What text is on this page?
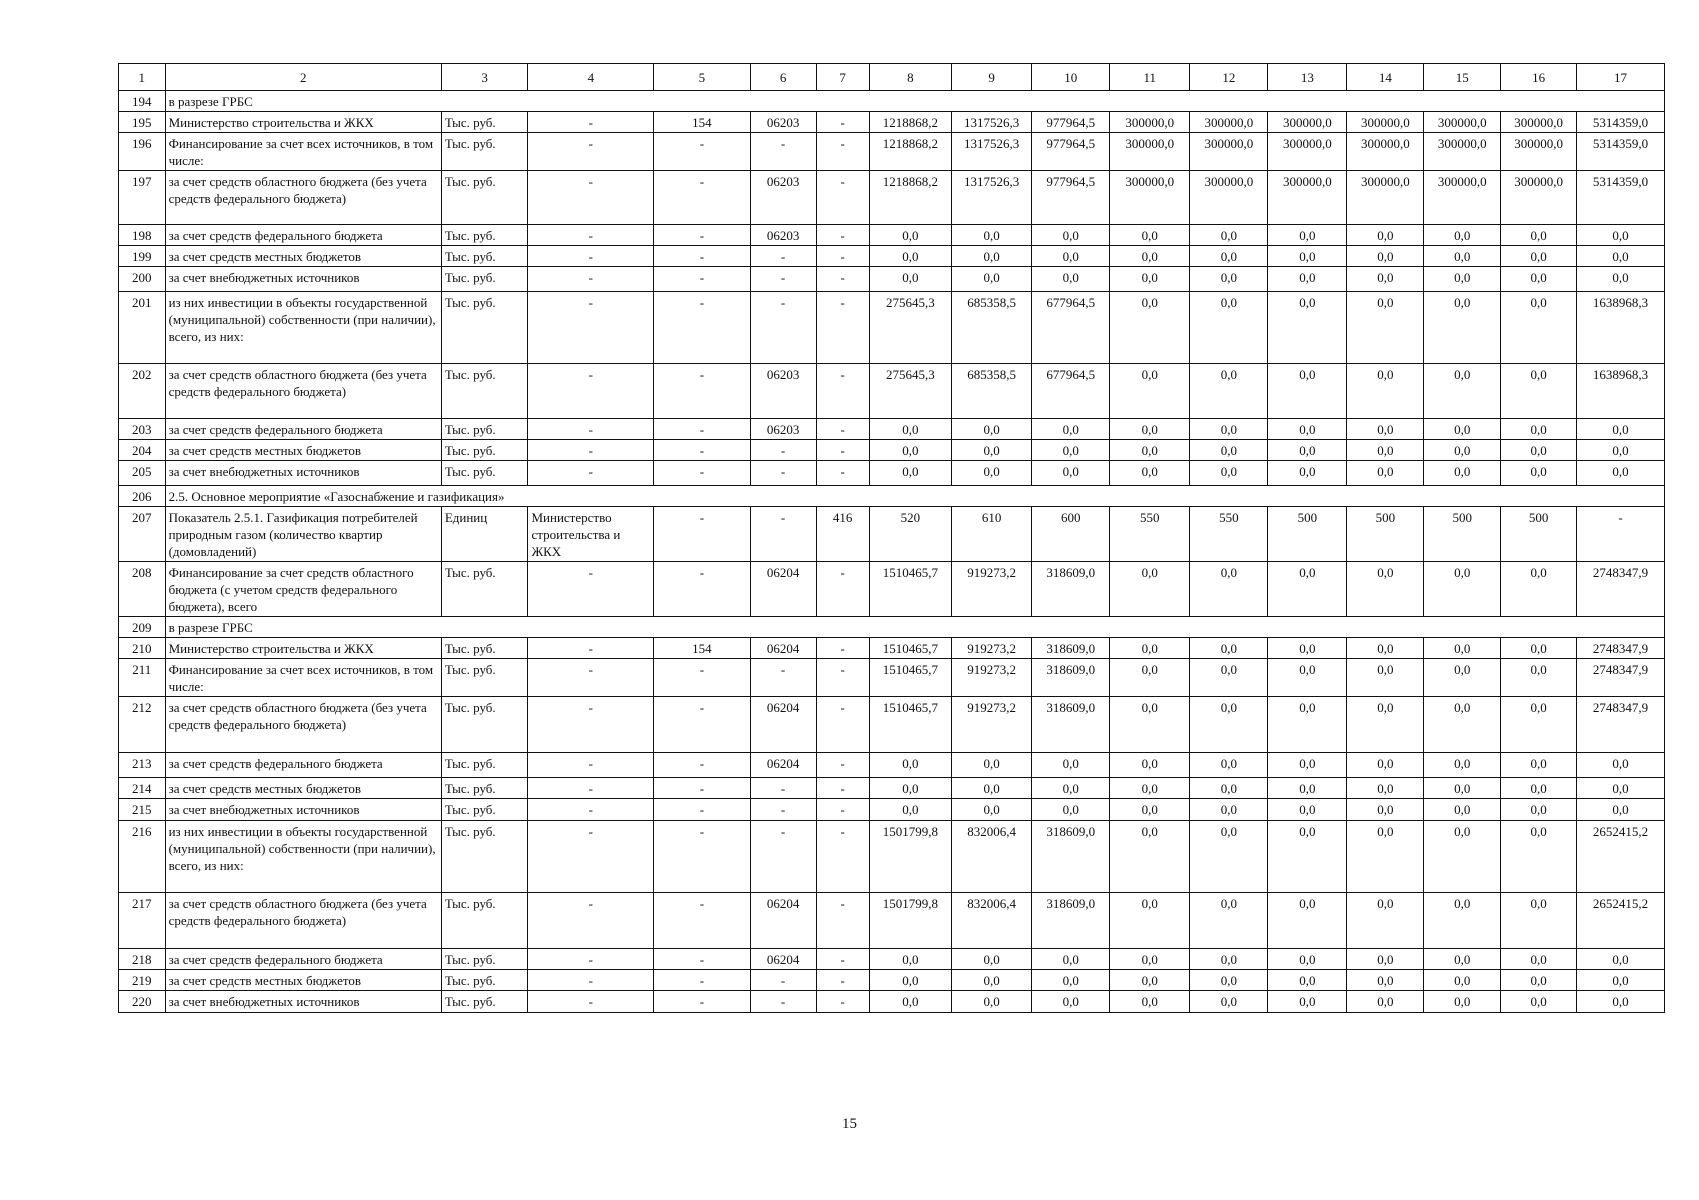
1	2	3	4	5	6	7	8	9	10	11	12	13	14	15	16	17
194	в разрезе ГРБС															
195	Министерство строительства и ЖКХ	Тыс. руб.	-	154	06203	-	1218868,2	1317526,3	977964,5	300000,0	300000,0	300000,0	300000,0	300000,0	300000,0	5314359,0
196	Финансирование за счет всех источников, в том числе:	Тыс. руб.	-	-	-	-	1218868,2	1317526,3	977964,5	300000,0	300000,0	300000,0	300000,0	300000,0	300000,0	5314359,0
197	за счет средств областного бюджета (без учета средств федерального бюджета)	Тыс. руб.	-	-	06203	-	1218868,2	1317526,3	977964,5	300000,0	300000,0	300000,0	300000,0	300000,0	300000,0	5314359,0
198	за счет средств федерального бюджета	Тыс. руб.	-	-	06203	-	0,0	0,0	0,0	0,0	0,0	0,0	0,0	0,0	0,0	0,0
199	за счет средств местных бюджетов	Тыс. руб.	-	-	-	-	0,0	0,0	0,0	0,0	0,0	0,0	0,0	0,0	0,0	0,0
200	за счет внебюджетных источников	Тыс. руб.	-	-	-	-	0,0	0,0	0,0	0,0	0,0	0,0	0,0	0,0	0,0	0,0
201	из них инвестиции в объекты государственной (муниципальной) собственности (при наличии), всего, из них:	Тыс. руб.	-	-	-	-	275645,3	685358,5	677964,5	0,0	0,0	0,0	0,0	0,0	0,0	1638968,3
202	за счет средств областного бюджета (без учета средств федерального бюджета)	Тыс. руб.	-	-	06203	-	275645,3	685358,5	677964,5	0,0	0,0	0,0	0,0	0,0	0,0	1638968,3
203	за счет средств федерального бюджета	Тыс. руб.	-	-	06203	-	0,0	0,0	0,0	0,0	0,0	0,0	0,0	0,0	0,0	0,0
204	за счет средств местных бюджетов	Тыс. руб.	-	-	-	-	0,0	0,0	0,0	0,0	0,0	0,0	0,0	0,0	0,0	0,0
205	за счет внебюджетных источников	Тыс. руб.	-	-	-	-	0,0	0,0	0,0	0,0	0,0	0,0	0,0	0,0	0,0	0,0
206	2.5. Основное мероприятие «Газоснабжение и газификация»															
207	Показатель 2.5.1. Газификация потребителей природным газом (количество квартир (домовладений)	Единиц	Министерство строительства и ЖКХ	-	-	416	520	610	600	550	550	500	500	500	500	-
208	Финансирование за счет средств областного бюджета (с учетом средств федерального бюджета), всего	Тыс. руб.	-	-	06204	-	1510465,7	919273,2	318609,0	0,0	0,0	0,0	0,0	0,0	0,0	2748347,9
209	в разрезе ГРБС															
210	Министерство строительства и ЖКХ	Тыс. руб.	-	154	06204	-	1510465,7	919273,2	318609,0	0,0	0,0	0,0	0,0	0,0	0,0	2748347,9
211	Финансирование за счет всех источников, в том числе:	Тыс. руб.	-	-	-	-	1510465,7	919273,2	318609,0	0,0	0,0	0,0	0,0	0,0	0,0	2748347,9
212	за счет средств областного бюджета (без учета средств федерального бюджета)	Тыс. руб.	-	-	06204	-	1510465,7	919273,2	318609,0	0,0	0,0	0,0	0,0	0,0	0,0	2748347,9
213	за счет средств федерального бюджета	Тыс. руб.	-	-	06204	-	0,0	0,0	0,0	0,0	0,0	0,0	0,0	0,0	0,0	0,0
214	за счет средств местных бюджетов	Тыс. руб.	-	-	-	-	0,0	0,0	0,0	0,0	0,0	0,0	0,0	0,0	0,0	0,0
215	за счет внебюджетных источников	Тыс. руб.	-	-	-	-	0,0	0,0	0,0	0,0	0,0	0,0	0,0	0,0	0,0	0,0
216	из них инвестиции в объекты государственной (муниципальной) собственности (при наличии), всего, из них:	Тыс. руб.	-	-	-	-	1501799,8	832006,4	318609,0	0,0	0,0	0,0	0,0	0,0	0,0	2652415,2
217	за счет средств областного бюджета (без учета средств федерального бюджета)	Тыс. руб.	-	-	06204	-	1501799,8	832006,4	318609,0	0,0	0,0	0,0	0,0	0,0	0,0	2652415,2
218	за счет средств федерального бюджета	Тыс. руб.	-	-	06204	-	0,0	0,0	0,0	0,0	0,0	0,0	0,0	0,0	0,0	0,0
219	за счет средств местных бюджетов	Тыс. руб.	-	-	-	-	0,0	0,0	0,0	0,0	0,0	0,0	0,0	0,0	0,0	0,0
220	за счет внебюджетных источников	Тыс. руб.	-	-	-	-	0,0	0,0	0,0	0,0	0,0	0,0	0,0	0,0	0,0	0,0
15
